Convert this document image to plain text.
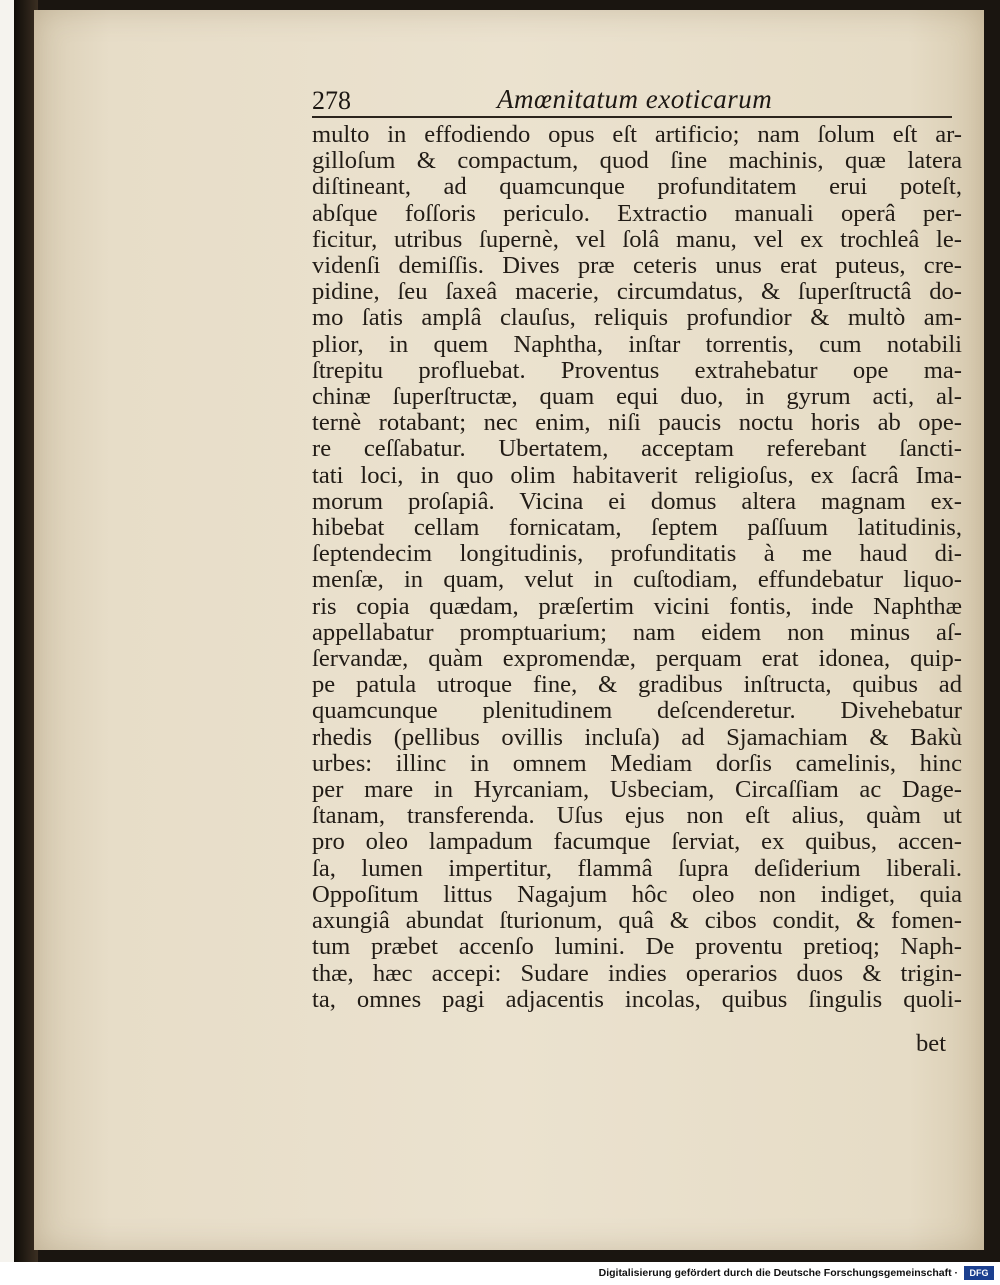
278	Amœnitatum exoticarum
multo in effodiendo opus eſt artificio; nam ſolum eſt ar-
gilloſum & compactum, quod ſine machinis, quæ latera
diſtineant, ad quamcunque profunditatem erui poteſt,
abſque foſſoris periculo. Extractio manuali operâ per-
ficitur, utribus ſupernè, vel ſolâ manu, vel ex trochleâ le-
videnſi demiſſis. Dives præ ceteris unus erat puteus, cre-
pidine, ſeu ſaxeâ macerie, circumdatus, & ſuperſtructâ do-
mo ſatis amplâ clauſus, reliquis profundior & multò am-
plior, in quem Naphtha, inſtar torrentis, cum notabili
ſtrepitu profluebat. Proventus extrahebatur ope ma-
chinæ ſuperſtructæ, quam equi duo, in gyrum acti, al-
ternè rotabant; nec enim, niſi paucis noctu horis ab ope-
re ceſſabatur. Ubertatem, acceptam referebant ſancti-
tati loci, in quo olim habitaverit religioſus, ex ſacrâ Ima-
morum proſapiâ. Vicina ei domus altera magnam ex-
hibebat cellam fornicatam, ſeptem paſſuum latitudinis,
ſeptendecim longitudinis, profunditatis à me haud di-
menſæ, in quam, velut in cuſtodiam, effundebatur liquo-
ris copia quædam, præſertim vicini fontis, inde Naphthæ
appellabatur promptuarium; nam eidem non minus aſ-
ſervandæ, quàm expromendæ, perquam erat idonea, quip-
pe patula utroque fine, & gradibus inſtructa, quibus ad
quamcunque plenitudinem deſcenderetur. Divehebatur
rhedis (pellibus ovillis incluſa) ad Sjamachiam & Bakù
urbes: illinc in omnem Mediam dorſis camelinis, hinc
per mare in Hyrcaniam, Usbeciam, Circaſſiam ac Dage-
ſtanam, transferenda. Uſus ejus non eſt alius, quàm ut
pro oleo lampadum facumque ſerviat, ex quibus, accen-
ſa, lumen impertitur, flammâ ſupra deſiderium liberali.
Oppoſitum littus Nagajum hôc oleo non indiget, quia
axungiâ abundat ſturionum, quâ & cibos condit, & fomen-
tum præbet accenſo lumini. De proventu pretioq; Naph-
thæ, hæc accepi: Sudare indies operarios duos & trigin-
ta, omnes pagi adjacentis incolas, quibus ſingulis quoli-
bet
Digitalisierung gefördert durch die Deutsche Forschungsgemeinschaft ·	DFG
